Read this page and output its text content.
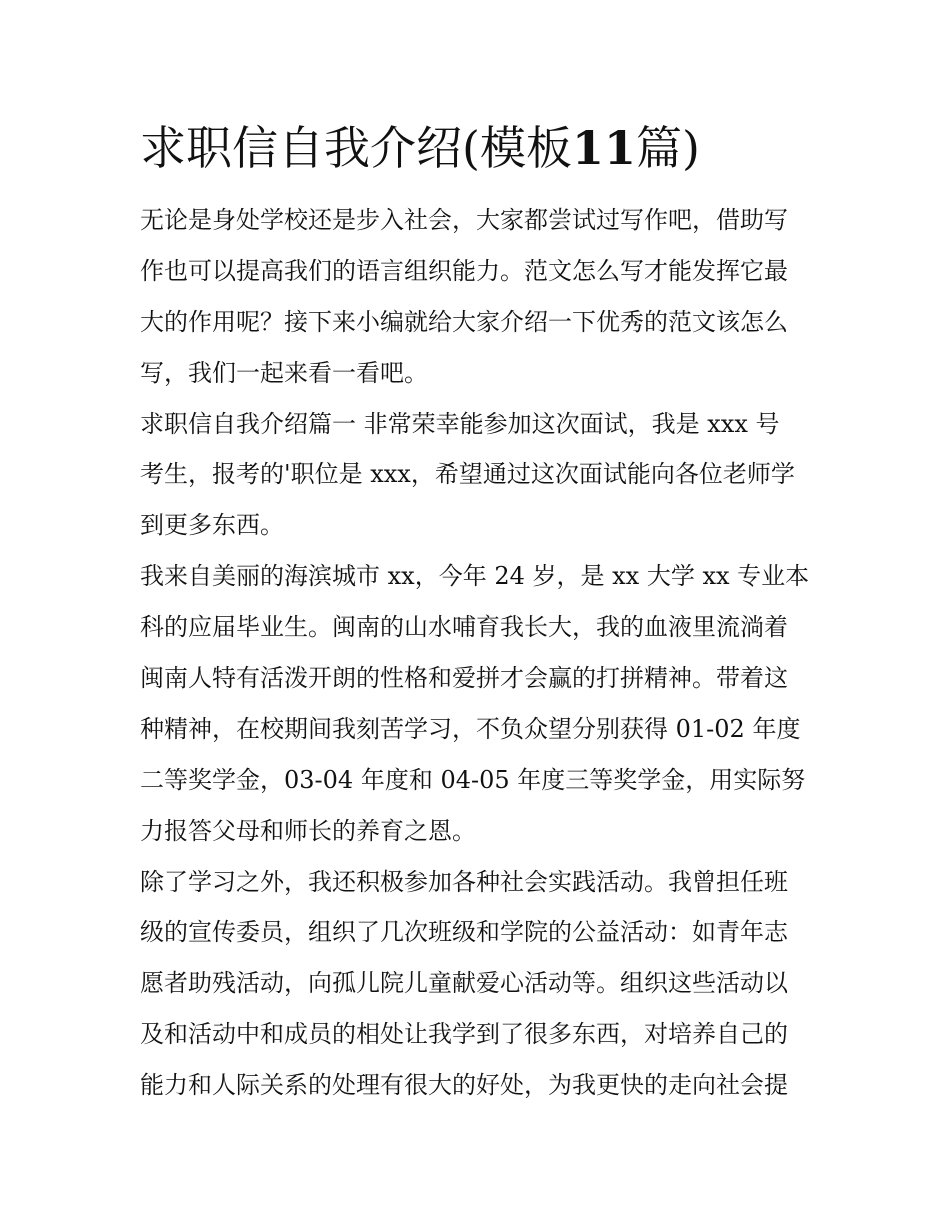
求职信自我介绍(模板11篇)
无论是身处学校还是步入社会，大家都尝试过写作吧，借助写
作也可以提高我们的语言组织能力。范文怎么写才能发挥它最
大的作用呢？接下来小编就给大家介绍一下优秀的范文该怎么
写，我们一起来看一看吧。
求职信自我介绍篇一 非常荣幸能参加这次面试，我是 xxx 号
考生，报考的'职位是 xxx，希望通过这次面试能向各位老师学
到更多东西。
我来自美丽的海滨城市 xx，今年 24 岁，是 xx 大学 xx 专业本
科的应届毕业生。闽南的山水哺育我长大，我的血液里流淌着
闽南人特有活泼开朗的性格和爱拼才会赢的打拼精神。带着这
种精神，在校期间我刻苦学习，不负众望分别获得 01-02 年度
二等奖学金，03-04 年度和 04-05 年度三等奖学金，用实际努
力报答父母和师长的养育之恩。
除了学习之外，我还积极参加各种社会实践活动。我曾担任班
级的宣传委员，组织了几次班级和学院的公益活动：如青年志
愿者助残活动，向孤儿院儿童献爱心活动等。组织这些活动以
及和活动中和成员的相处让我学到了很多东西，对培养自己的
能力和人际关系的处理有很大的好处，为我更快的走向社会提
